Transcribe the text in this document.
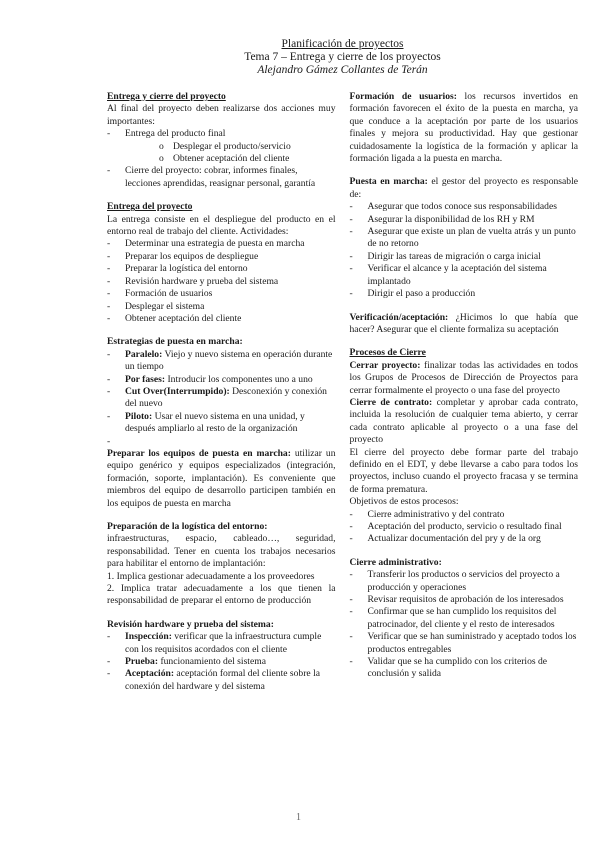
Planificación de proyectos
Tema 7 – Entrega y cierre de los proyectos
Alejandro Gámez Collantes de Terán

Entrega y cierre del proyecto

Al final del proyecto deben realizarse dos acciones muy importantes:

- Entrega del producto final
o Desplegar el producto/servicio
o Obtener aceptación del cliente
- Cierre del proyecto: cobrar, informes finales, lecciones aprendidas, reasignar personal, garantía

Entrega del proyecto

La entrega consiste en el despliegue del producto en el entorno real de trabajo del cliente. Actividades:

- Determinar una estrategia de puesta en marcha
- Preparar los equipos de despliegue
- Preparar la logística del entorno
- Revisión hardware y prueba del sistema
- Formación de usuarios
- Desplegar el sistema
- Obtener aceptación del cliente

Estrategias de puesta en marcha:

- Paralelo: Viejo y nuevo sistema en operación durante un tiempo
- Por fases: Introducir los componentes uno a uno
- Cut Over(Interrumpido): Desconexión y conexión del nuevo
- Piloto: Usar el nuevo sistema en una unidad, y después ampliarlo al resto de la organización

-

Preparar los equipos de puesta en marcha: utilizar un equipo genérico y equipos especializados (integración, formación, soporte, implantación). Es conveniente que miembros del equipo de desarrollo participen también en los equipos de puesta en marcha

Preparación de la logística del entorno:

infraestructuras, espacio, cableado…, seguridad, responsabilidad. Tener en cuenta los trabajos necesarios para habilitar el entorno de implantación:

1. Implica gestionar adecuadamente a los proveedores

2. Implica tratar adecuadamente a los que tienen la responsabilidad de preparar el entorno de producción

Revisión hardware y prueba del sistema:

- Inspección: verificar que la infraestructura cumple con los requisitos acordados con el cliente
- Prueba: funcionamiento del sistema
- Aceptación: aceptación formal del cliente sobre la conexión del hardware y del sistema

Formación de usuarios: los recursos invertidos en formación favorecen el éxito de la puesta en marcha, ya que conduce a la aceptación por parte de los usuarios finales y mejora su productividad. Hay que gestionar cuidadosamente la logística de la formación y aplicar la formación ligada a la puesta en marcha.

Puesta en marcha: el gestor del proyecto es responsable de:

- Asegurar que todos conoce sus responsabilidades
- Asegurar la disponibilidad de los RH y RM
- Asegurar que existe un plan de vuelta atrás y un punto de no retorno
- Dirigir las tareas de migración o carga inicial
- Verificar el alcance y la aceptación del sistema implantado
- Dirigir el paso a producción

Verificación/aceptación: ¿Hicimos lo que había que hacer? Asegurar que el cliente formaliza su aceptación

Procesos de Cierre

Cerrar proyecto: finalizar todas las actividades en todos los Grupos de Procesos de Dirección de Proyectos para cerrar formalmente el proyecto o una fase del proyecto

Cierre de contrato: completar y aprobar cada contrato, incluida la resolución de cualquier tema abierto, y cerrar cada contrato aplicable al proyecto o a una fase del proyecto

El cierre del proyecto debe formar parte del trabajo definido en el EDT, y debe llevarse a cabo para todos los proyectos, incluso cuando el proyecto fracasa y se termina de forma prematura.

Objetivos de estos procesos:

- Cierre administrativo y del contrato
- Aceptación del producto, servicio o resultado final
- Actualizar documentación del pry y de la org

Cierre administrativo:

- Transferir los productos o servicios del proyecto a producción y operaciones
- Revisar requisitos de aprobación de los interesados
- Confirmar que se han cumplido los requisitos del patrocinador, del cliente y el resto de interesados
- Verificar que se han suministrado y aceptado todos los productos entregables
- Validar que se ha cumplido con los criterios de conclusión y salida
1
